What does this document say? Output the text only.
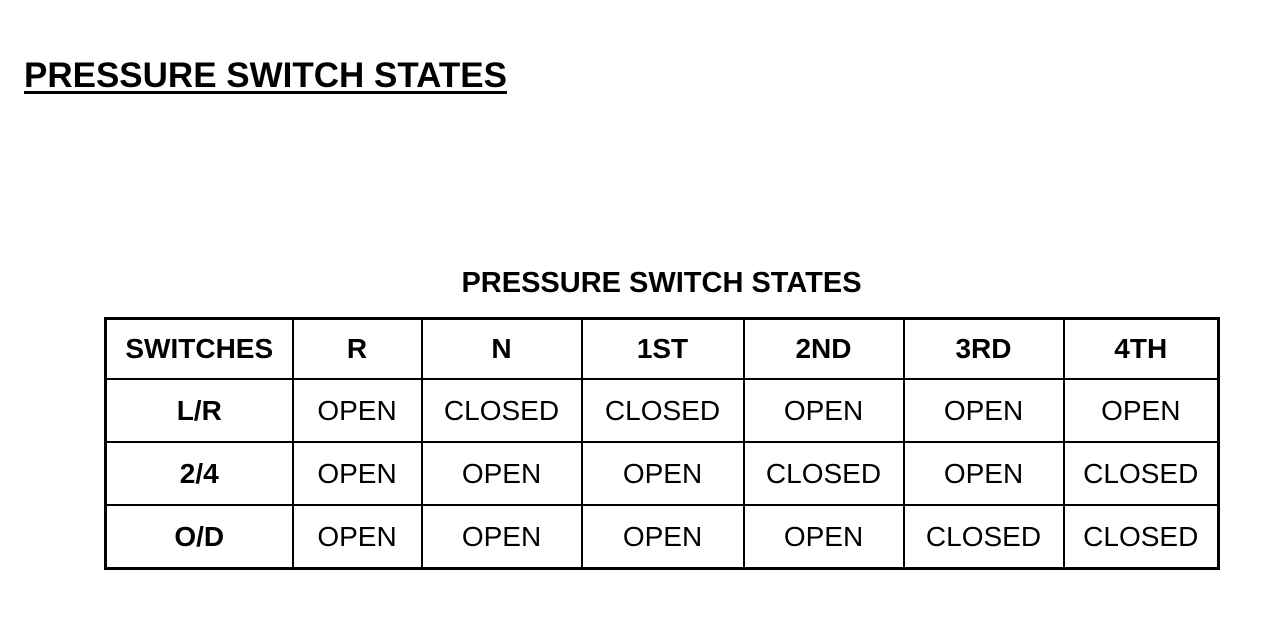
PRESSURE SWITCH STATES
PRESSURE SWITCH STATES
SWITCHES	R	N	1ST	2ND	3RD	4TH
L/R	OPEN	CLOSED	CLOSED	OPEN	OPEN	OPEN
2/4	OPEN	OPEN	OPEN	CLOSED	OPEN	CLOSED
O/D	OPEN	OPEN	OPEN	OPEN	CLOSED	CLOSED
